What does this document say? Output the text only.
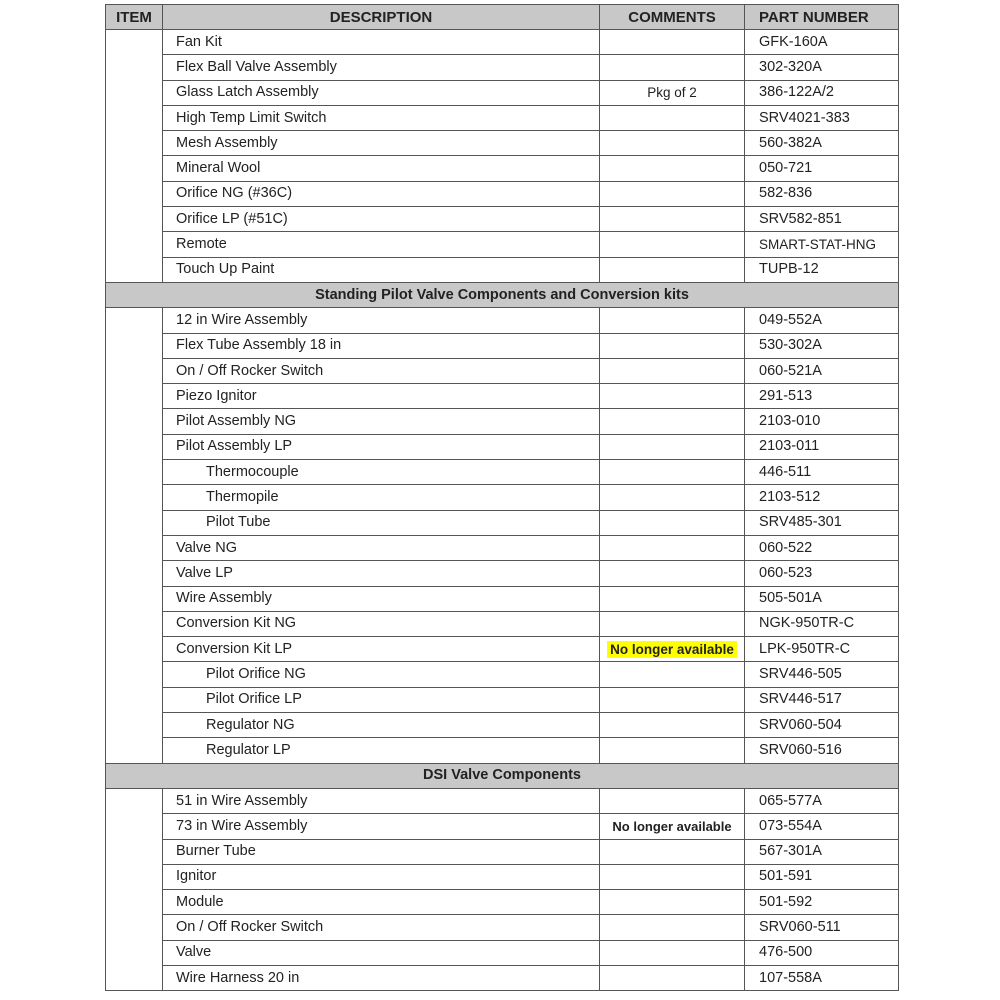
ITEM	DESCRIPTION	COMMENTS	PART NUMBER
	Fan Kit		GFK-160A
	Flex Ball Valve Assembly		302-320A
	Glass Latch Assembly	Pkg of 2	386-122A/2
	High Temp Limit Switch		SRV4021-383
	Mesh Assembly		560-382A
	Mineral Wool		050-721
	Orifice NG (#36C)		582-836
	Orifice LP (#51C)		SRV582-851
	Remote		SMART-STAT-HNG
	Touch Up Paint		TUPB-12
Standing Pilot Valve Components and Conversion kits			
	12 in Wire Assembly		049-552A
	Flex Tube Assembly 18 in		530-302A
	On / Off Rocker Switch		060-521A
	Piezo Ignitor		291-513
	Pilot Assembly NG		2103-010
	Pilot Assembly LP		2103-011
	Thermocouple		446-511
	Thermopile		2103-512
	Pilot Tube		SRV485-301
	Valve NG		060-522
	Valve LP		060-523
	Wire Assembly		505-501A
	Conversion Kit NG		NGK-950TR-C
	Conversion Kit LP	No longer available	LPK-950TR-C
	Pilot Orifice NG		SRV446-505
	Pilot Orifice LP		SRV446-517
	Regulator NG		SRV060-504
	Regulator LP		SRV060-516
DSI Valve Components			
	51 in Wire Assembly		065-577A
	73 in Wire Assembly	No longer available	073-554A
	Burner Tube		567-301A
	Ignitor		501-591
	Module		501-592
	On / Off Rocker Switch		SRV060-511
	Valve		476-500
	Wire Harness 20 in		107-558A
